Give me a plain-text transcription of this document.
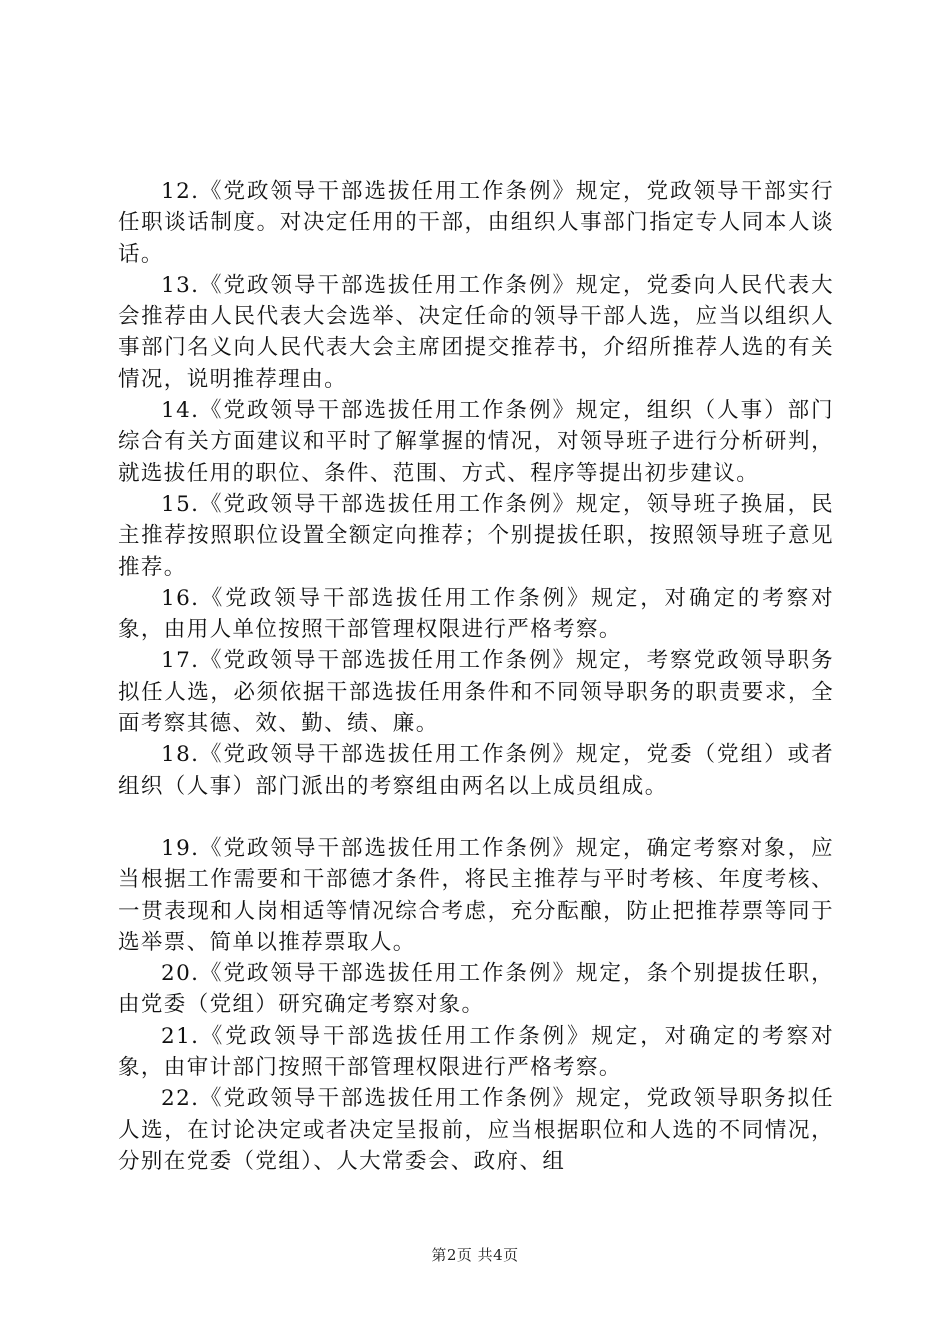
12.《党政领导干部选拔任用工作条例》规定，党政领导干部实行任职谈话制度。对决定任用的干部，由组织人事部门指定专人同本人谈话。

13.《党政领导干部选拔任用工作条例》规定，党委向人民代表大会推荐由人民代表大会选举、决定任命的领导干部人选，应当以组织人事部门名义向人民代表大会主席团提交推荐书，介绍所推荐人选的有关情况，说明推荐理由。

14.《党政领导干部选拔任用工作条例》规定，组织（人事）部门综合有关方面建议和平时了解掌握的情况，对领导班子进行分析研判，就选拔任用的职位、条件、范围、方式、程序等提出初步建议。

15.《党政领导干部选拔任用工作条例》规定，领导班子换届，民主推荐按照职位设置全额定向推荐；个别提拔任职，按照领导班子意见推荐。

16.《党政领导干部选拔任用工作条例》规定，对确定的考察对象，由用人单位按照干部管理权限进行严格考察。

17.《党政领导干部选拔任用工作条例》规定，考察党政领导职务拟任人选，必须依据干部选拔任用条件和不同领导职务的职责要求，全面考察其德、效、勤、绩、廉。

18.《党政领导干部选拔任用工作条例》规定，党委（党组）或者组织（人事）部门派出的考察组由两名以上成员组成。

19.《党政领导干部选拔任用工作条例》规定，确定考察对象，应当根据工作需要和干部德才条件，将民主推荐与平时考核、年度考核、一贯表现和人岗相适等情况综合考虑，充分酝酿，防止把推荐票等同于选举票、简单以推荐票取人。

20.《党政领导干部选拔任用工作条例》规定，条个别提拔任职，由党委（党组）研究确定考察对象。

21.《党政领导干部选拔任用工作条例》规定，对确定的考察对象，由审计部门按照干部管理权限进行严格考察。

22.《党政领导干部选拔任用工作条例》规定，党政领导职务拟任人选，在讨论决定或者决定呈报前，应当根据职位和人选的不同情况，分别在党委（党组）、人大常委会、政府、组

第2页 共4页
